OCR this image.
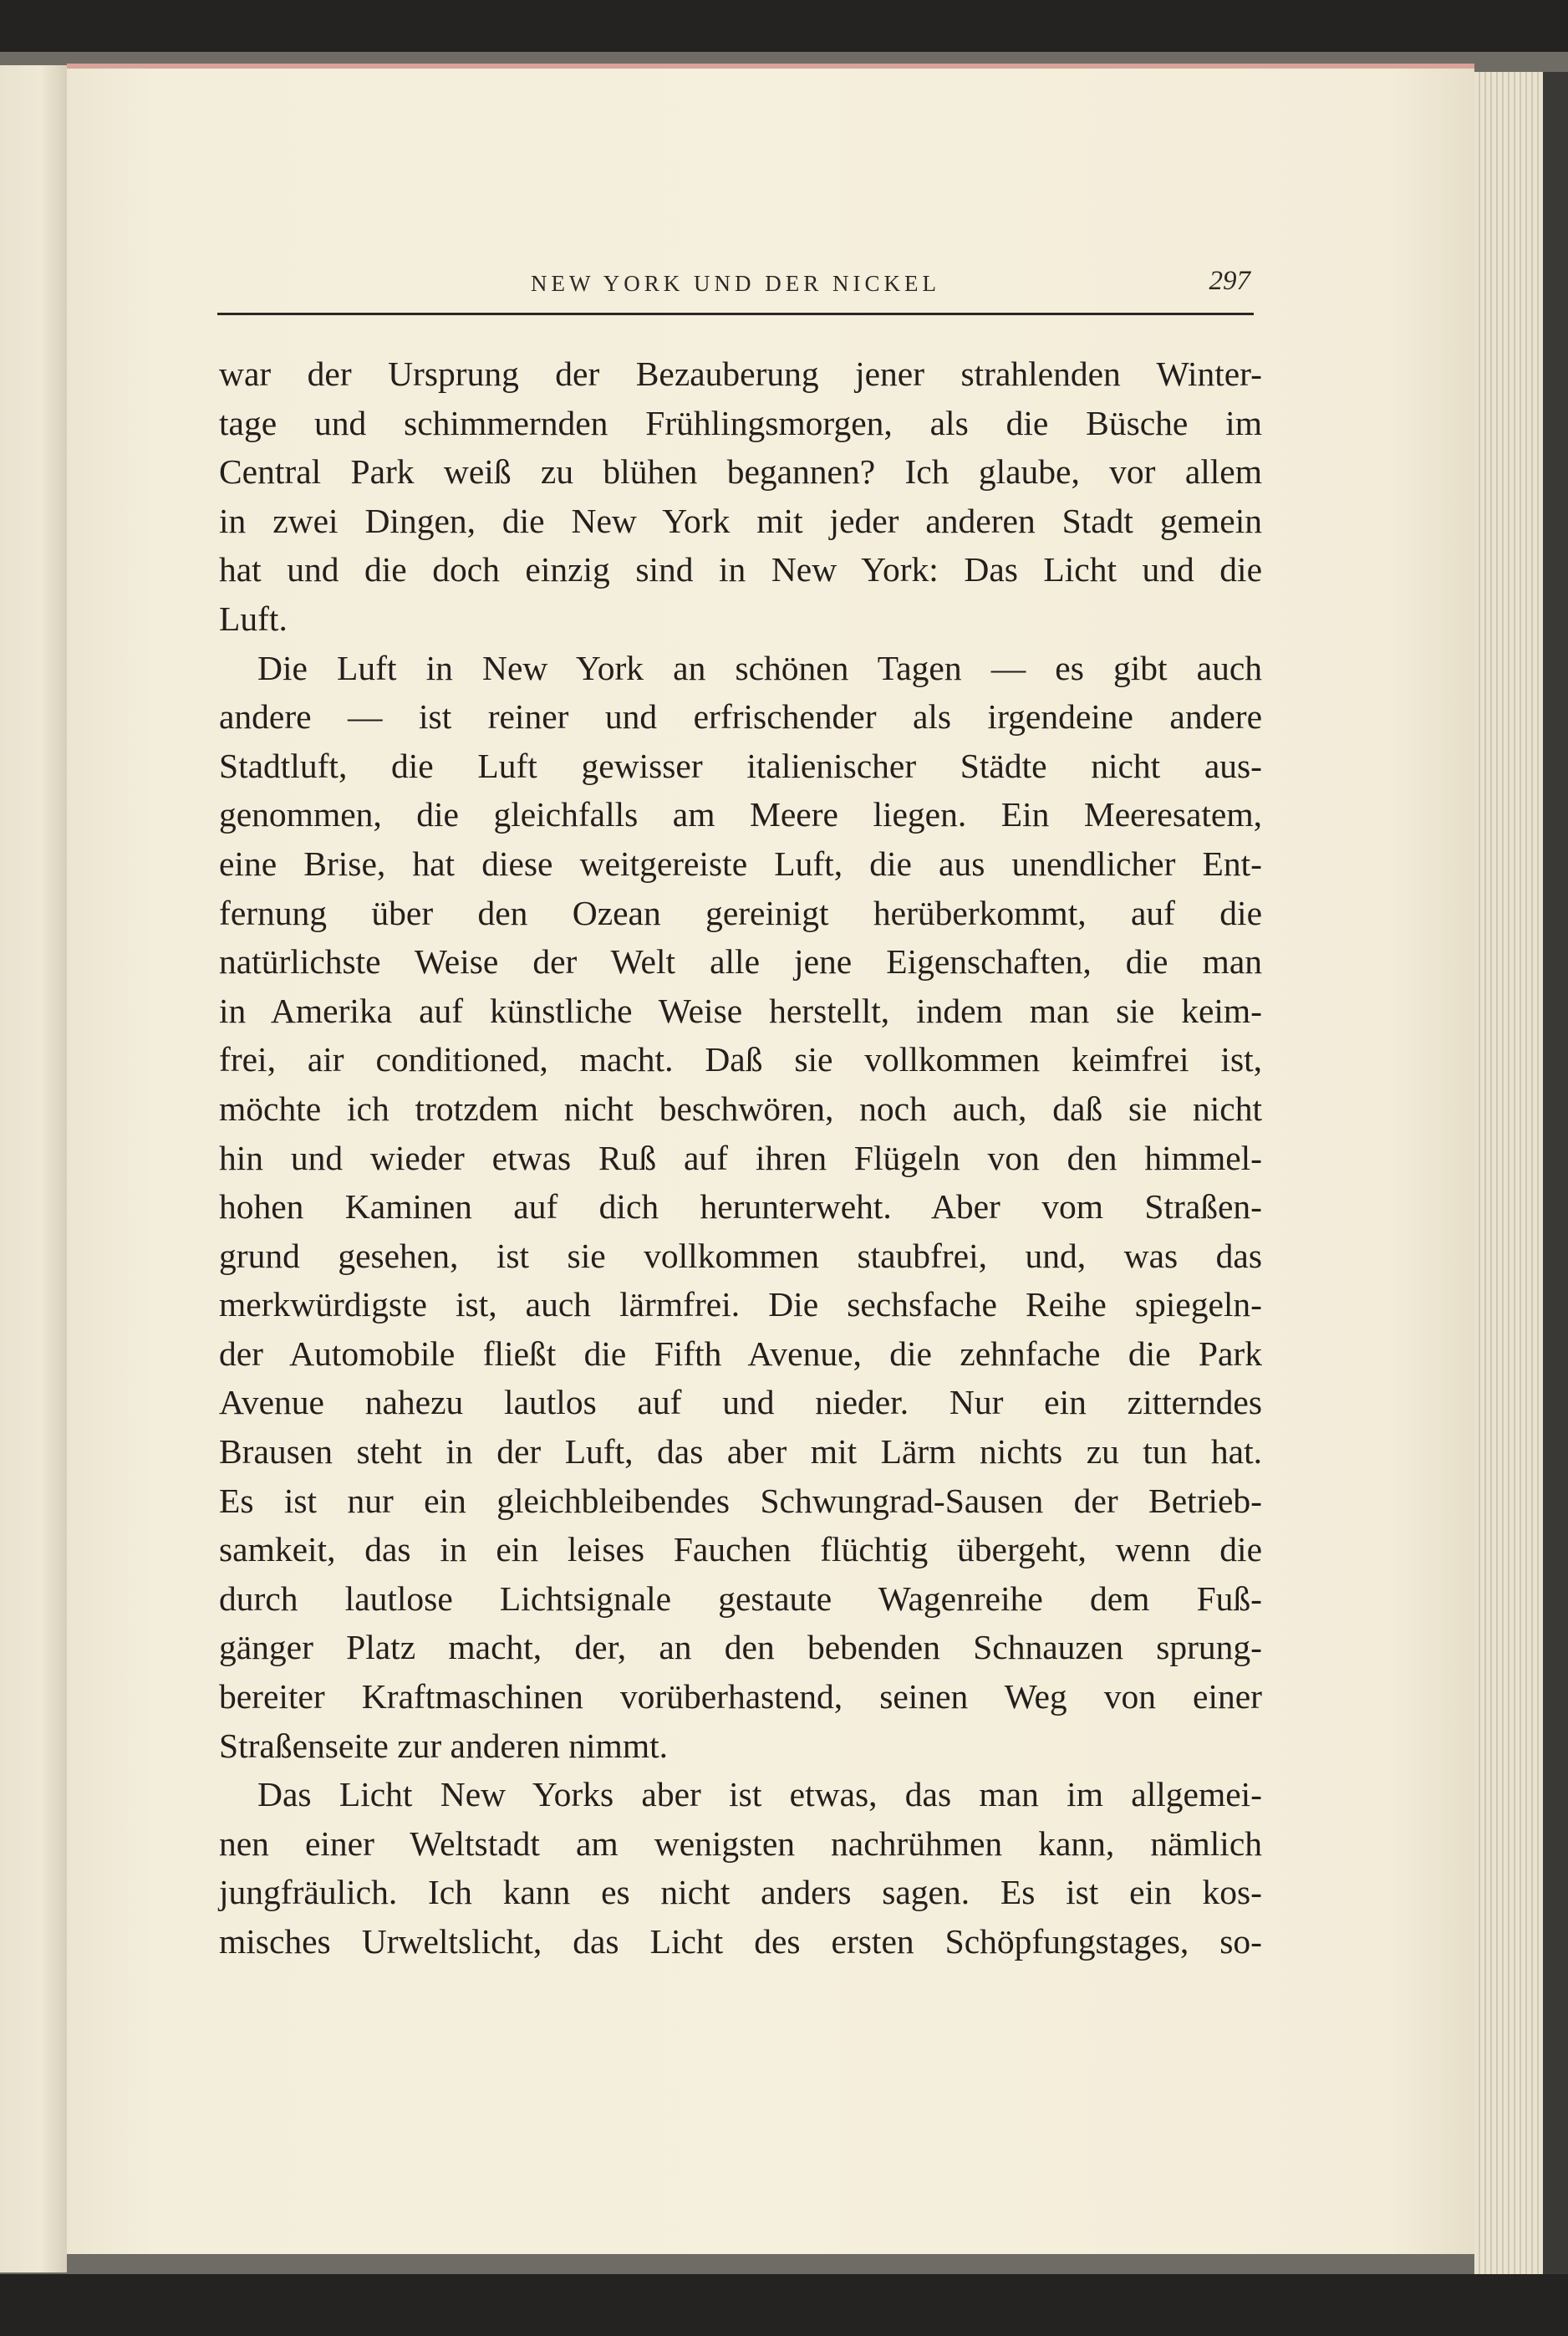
NEW YORK UND DER NICKEL	297
war der Ursprung der Bezauberung jener strahlenden Winter-
tage und schimmernden Frühlingsmorgen, als die Büsche im
Central Park weiß zu blühen begannen? Ich glaube, vor allem
in zwei Dingen, die New York mit jeder anderen Stadt gemein
hat und die doch einzig sind in New York: Das Licht und die
Luft.
Die Luft in New York an schönen Tagen — es gibt auch
andere — ist reiner und erfrischender als irgendeine andere
Stadtluft, die Luft gewisser italienischer Städte nicht aus-
genommen, die gleichfalls am Meere liegen. Ein Meeresatem,
eine Brise, hat diese weitgereiste Luft, die aus unendlicher Ent-
fernung über den Ozean gereinigt herüberkommt, auf die
natürlichste Weise der Welt alle jene Eigenschaften, die man
in Amerika auf künstliche Weise herstellt, indem man sie keim-
frei, air conditioned, macht. Daß sie vollkommen keimfrei ist,
möchte ich trotzdem nicht beschwören, noch auch, daß sie nicht
hin und wieder etwas Ruß auf ihren Flügeln von den himmel-
hohen Kaminen auf dich herunterweht. Aber vom Straßen-
grund gesehen, ist sie vollkommen staubfrei, und, was das
merkwürdigste ist, auch lärmfrei. Die sechsfache Reihe spiegeln-
der Automobile fließt die Fifth Avenue, die zehnfache die Park
Avenue nahezu lautlos auf und nieder. Nur ein zitterndes
Brausen steht in der Luft, das aber mit Lärm nichts zu tun hat.
Es ist nur ein gleichbleibendes Schwungrad-Sausen der Betrieb-
samkeit, das in ein leises Fauchen flüchtig übergeht, wenn die
durch lautlose Lichtsignale gestaute Wagenreihe dem Fuß-
gänger Platz macht, der, an den bebenden Schnauzen sprung-
bereiter Kraftmaschinen vorüberhastend, seinen Weg von einer
Straßenseite zur anderen nimmt.
Das Licht New Yorks aber ist etwas, das man im allgemei-
nen einer Weltstadt am wenigsten nachrühmen kann, nämlich
jungfräulich. Ich kann es nicht anders sagen. Es ist ein kos-
misches Urweltslicht, das Licht des ersten Schöpfungstages, so-
